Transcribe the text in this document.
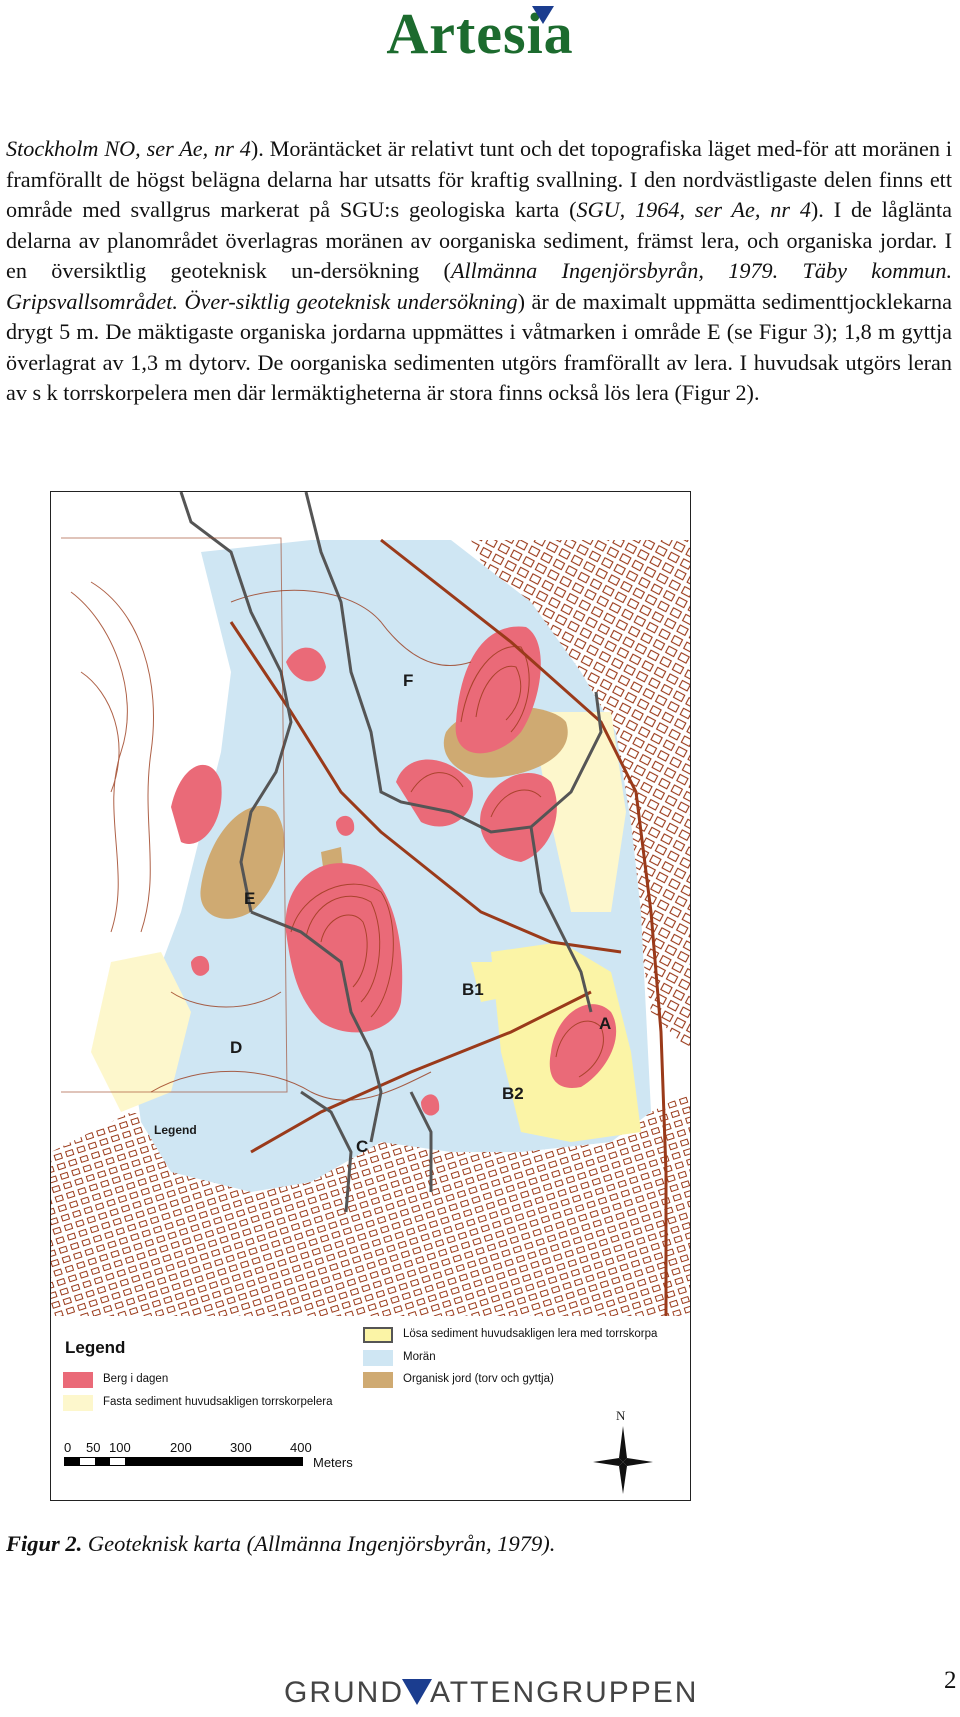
Artesia

Stockholm NO, ser Ae, nr 4). Moräntäcket är relativt tunt och det topografiska läget med-för att moränen i framförallt de högst belägna delarna har utsatts för kraftig svallning. I den nordvästligaste delen finns ett område med svallgrus markerat på SGU:s geologiska karta (SGU, 1964, ser Ae, nr 4). I de låglänta delarna av planområdet överlagras moränen av oorganiska sediment, främst lera, och organiska jordar. I en översiktlig geoteknisk un-dersökning (Allmänna Ingenjörsbyrån, 1979. Täby kommun. Gripsvallsområdet. Över-siktlig geoteknisk undersökning) är de maximalt uppmätta sedimenttjocklekarna drygt 5 m. De mäktigaste organiska jordarna uppmättes i våtmarken i område E (se Figur 3); 1,8 m gyttja överlagrat av 1,3 m dytorv. De oorganiska sedimenten utgörs framförallt av lera. I huvudsak utgörs leran av s k torrskorpelera men där lermäktigheterna är stora finns också lös lera (Figur 2).

F
E
B1
A
D
B2
C
Legend
Legend
Berg i dagen
Fasta sediment huvudsakligen torrskorpelera
Lösa sediment huvudsakligen lera med torrskorpa
Morän
Organisk jord (torv och gyttja)
0 50 100	200	300	400
Meters
N
Figur 2. Geoteknisk karta (Allmänna Ingenjörsbyrån, 1979).
GRUND ATTENGRUPPEN	2
